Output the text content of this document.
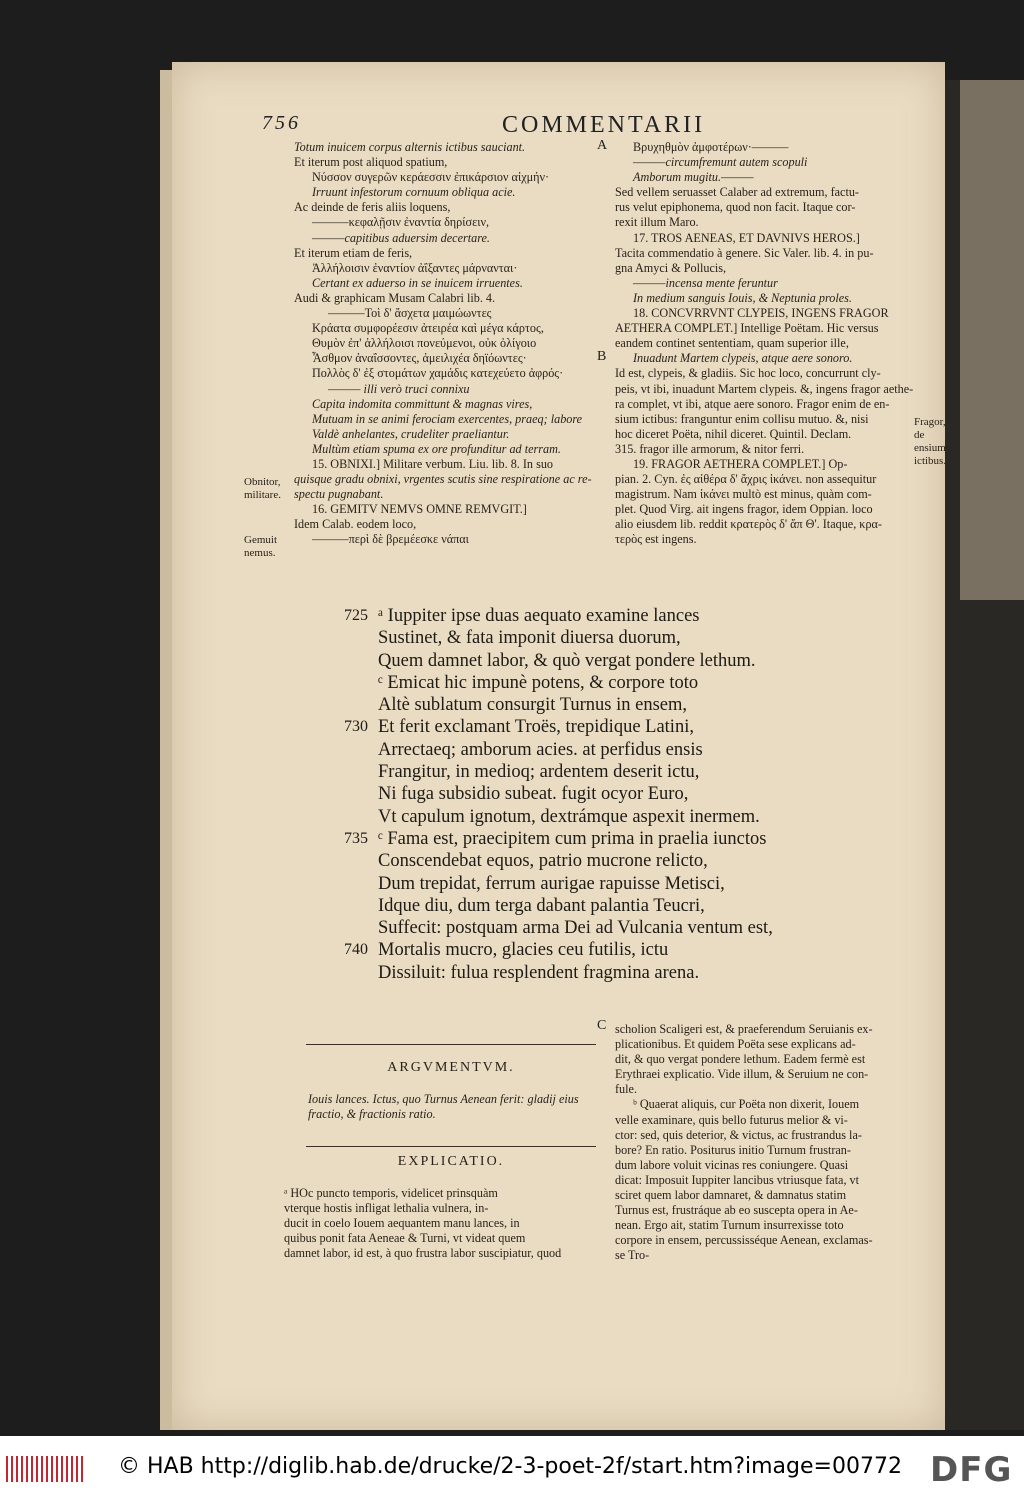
756	COMMENTARII
Totum inuicem corpus alternis ictibus sauciant.
Et iterum post aliquod spatium,
Νύσσον συγερῶν κεράεσσιν ἐπικάρσιον αἰχμήν·
Irruunt infestorum cornuum obliqua acie.
Ac deinde de feris aliis loquens,
———κεφαλῇσιν ἐναντία δηρίσειν,
———capitibus aduersim decertare.
Et iterum etiam de feris,
Ἀλλήλοισιν ἐναντίον ἀΐξαντες μάρνανται·
Certant ex aduerso in se inuicem irruentes.
Audi & graphicam Musam Calabri lib. 4.
———Τοὶ δ' ἄσχετα μαιμώωντες
Κράατα συμφορέεσιν ἀτειρέα καὶ μέγα κάρτος,
Θυμὸν ἐπ' ἀλλήλοισι πονεύμενοι, οὐκ ὀλίγοιο
Ἆσθμον ἀναΐσσοντες, ἀμειλιχέα δηϊόωντες·
Πολλὸς δ' ἐξ στομάτων χαμάδις κατεχεύετο ἀφρός·
——— illi verò truci connixu
Capita indomita committunt & magnas vires,
Mutuam in se animi ferociam exercentes, praeq; labore
Valdè anhelantes, crudeliter praeliantur.
Multùm etiam spuma ex ore profunditur ad terram.
15. OBNIXI.] Militare verbum. Liu. lib. 8. In suo
quisque gradu obnixi, vrgentes scutis sine respiratione ac re-
spectu pugnabant.
16. GEMITV NEMVS OMNE REMVGIT.]
Idem Calab. eodem loco,
———περὶ δὲ βρεμέεσκε νάπαι
Βρυχηθμὸν ἀμφοτέρων·———
———circumfremunt autem scopuli
Amborum mugitu.———
Sed vellem seruasset Calaber ad extremum, factu-
rus velut epiphonema, quod non facit. Itaque cor-
rexit illum Maro.
17. TROS AENEAS, ET DAVNIVS HEROS.]
Tacita commendatio à genere. Sic Valer. lib. 4. in pu-
gna Amyci & Pollucis,
———incensa mente feruntur
In medium sanguis Iouis, & Neptunia proles.
18. CONCVRRVNT CLYPEIS, INGENS FRAGOR
AETHERA COMPLET.] Intellige Poëtam. Hic versus
eandem continet sententiam, quam superior ille,
Inuadunt Martem clypeis, atque aere sonoro.
Id est, clypeis, & gladiis. Sic hoc loco, concurrunt cly-
peis, vt ibi, inuadunt Martem clypeis. &, ingens fragor aethe-
ra complet, vt ibi, atque aere sonoro. Fragor enim de en-
sium ictibus: franguntur enim collisu mutuo. &, nisi
hoc diceret Poëta, nihil diceret. Quintil. Declam.
315. fragor ille armorum, & nitor ferri.
19. FRAGOR AETHERA COMPLET.] Op-
pian. 2. Cyn. ἐς αἰθέρα δ' ἄχρις ἱκάνει. non assequitur
magistrum. Nam ἱκάνει multò est minus, quàm com-
plet. Quod Virg. ait ingens fragor, idem Oppian. loco
alio eiusdem lib. reddit κρατερὸς δ' ἄπ Θ'. Itaque, κρα-
τερὸς est ingens.
A
B
C
Obnitor,
militare.
Gemuit
nemus.
Fragor, de
ensium
ictibus.
725 ᵃ Iuppiter ipse duas aequato examine lances
Sustinet, & fata imponit diuersa duorum,
Quem damnet labor, & quò vergat pondere lethum.
ᶜ Emicat hic impunè potens, & corpore toto
Altè sublatum consurgit Turnus in ensem,
730 Et ferit exclamant Troës, trepidique Latini,
Arrectaeq; amborum acies. at perfidus ensis
Frangitur, in medioq; ardentem deserit ictu,
Ni fuga subsidio subeat. fugit ocyor Euro,
Vt capulum ignotum, dextrámque aspexit inermem.
735 ᶜ Fama est, praecipitem cum prima in praelia iunctos
Conscendebat equos, patrio mucrone relicto,
Dum trepidat, ferrum aurigae rapuisse Metisci,
Idque diu, dum terga dabant palantia Teucri,
Suffecit: postquam arma Dei ad Vulcania ventum est,
740 Mortalis mucro, glacies ceu futilis, ictu
Dissiluit: fulua resplendent fragmina arena.
ARGVMENTVM.
Iouis lances. Ictus, quo Turnus Aenean ferit: gladij eius
fractio, & fractionis ratio.
EXPLICATIO.
ᵃ HOc puncto temporis, videlicet prinsquàm
vterque hostis infligat lethalia vulnera, in-
ducit in coelo Iouem aequantem manu lances, in
quibus ponit fata Aeneae & Turni, vt videat quem
damnet labor, id est, à quo frustra labor suscipiatur, quod
scholion Scaligeri est, & praeferendum Seruianis ex-
plicationibus. Et quidem Poëta sese explicans ad-
dit, & quo vergat pondere lethum. Eadem fermè est
Erythraei explicatio. Vide illum, & Seruium ne con-
fule.
ᵇ Quaerat aliquis, cur Poëta non dixerit, Iouem
velle examinare, quis bello futurus melior & vi-
ctor: sed, quis deterior, & victus, ac frustrandus la-
bore? En ratio. Positurus initio Turnum frustran-
dum labore voluit vicinas res coniungere. Quasi
dicat: Imposuit Iuppiter lancibus vtriusque fata, vt
sciret quem labor damnaret, & damnatus statim
Turnus est, frustráque ab eo suscepta opera in Ae-
nean. Ergo ait, statim Turnum insurrexisse toto
corpore in ensem, percussisséque Aenean, exclamas-
se Tro-
© HAB http://diglib.hab.de/drucke/2-3-poet-2f/start.htm?image=00772 DFG
